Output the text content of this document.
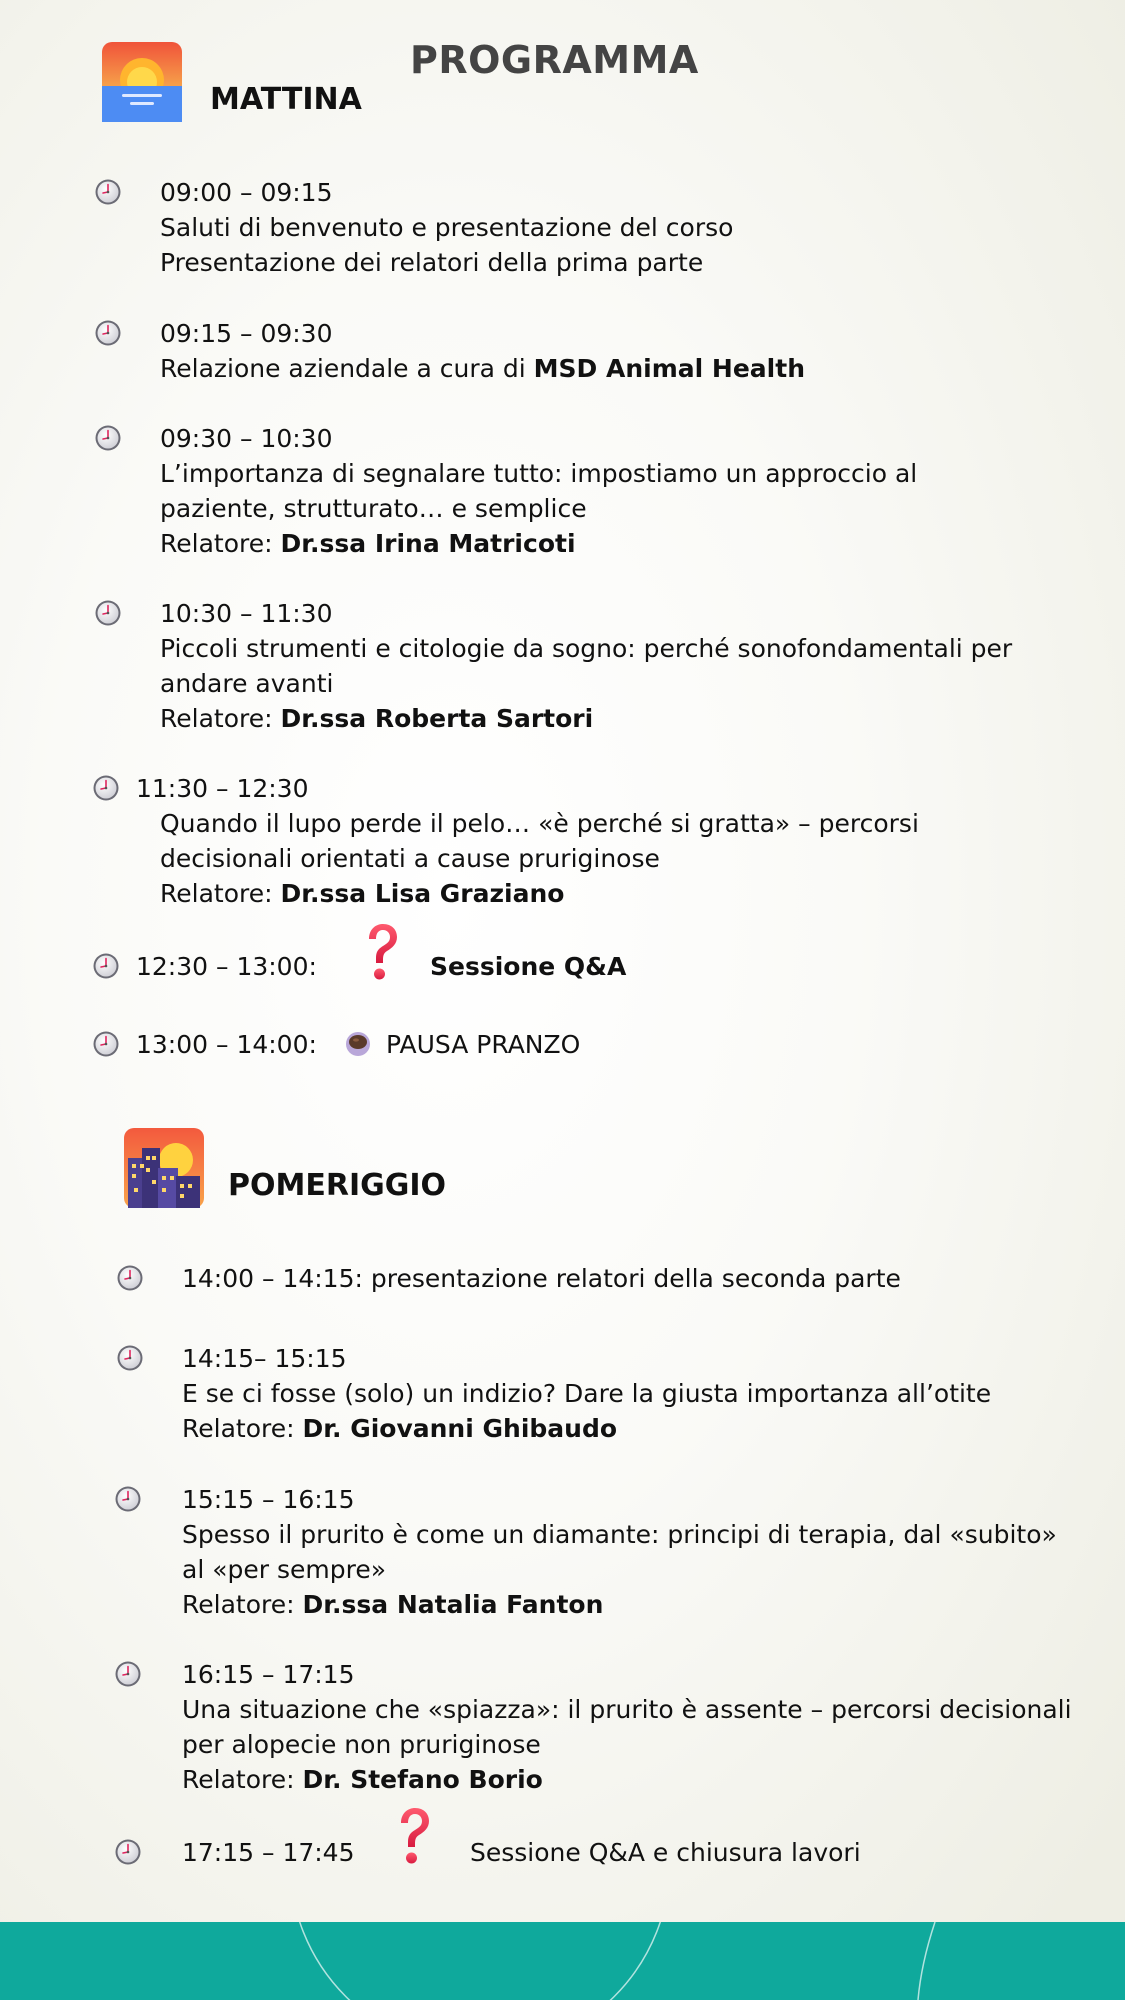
PROGRAMMA
MATTINA
09:00 – 09:15
Saluti di benvenuto e presentazione del corso
Presentazione dei relatori della prima parte
09:15 – 09:30
Relazione aziendale a cura di MSD Animal Health
09:30 – 10:30
L’importanza di segnalare tutto: impostiamo un approccio al
paziente, strutturato… e semplice
Relatore: Dr.ssa Irina Matricoti
10:30 – 11:30
Piccoli strumenti e citologie da sogno: perché sonofondamentali per
andare avanti
Relatore: Dr.ssa Roberta Sartori
11:30 – 12:30
Quando il lupo perde il pelo… «è perché si gratta» – percorsi
decisionali orientati a cause pruriginose
Relatore: Dr.ssa Lisa Graziano
12:30 – 13:00:	Sessione Q&A
13:00 – 14:00:	PAUSA PRANZO
POMERIGGIO
14:00 – 14:15: presentazione relatori della seconda parte
14:15– 15:15
E se ci fosse (solo) un indizio? Dare la giusta importanza all’otite
Relatore: Dr. Giovanni Ghibaudo
15:15 – 16:15
Spesso il prurito è come un diamante: principi di terapia, dal «subito»
al «per sempre»
Relatore: Dr.ssa Natalia Fanton
16:15 – 17:15
Una situazione che «spiazza»: il prurito è assente – percorsi decisionali
per alopecie non pruriginose
Relatore: Dr. Stefano Borio
17:15 – 17:45	Sessione Q&A e chiusura lavori
